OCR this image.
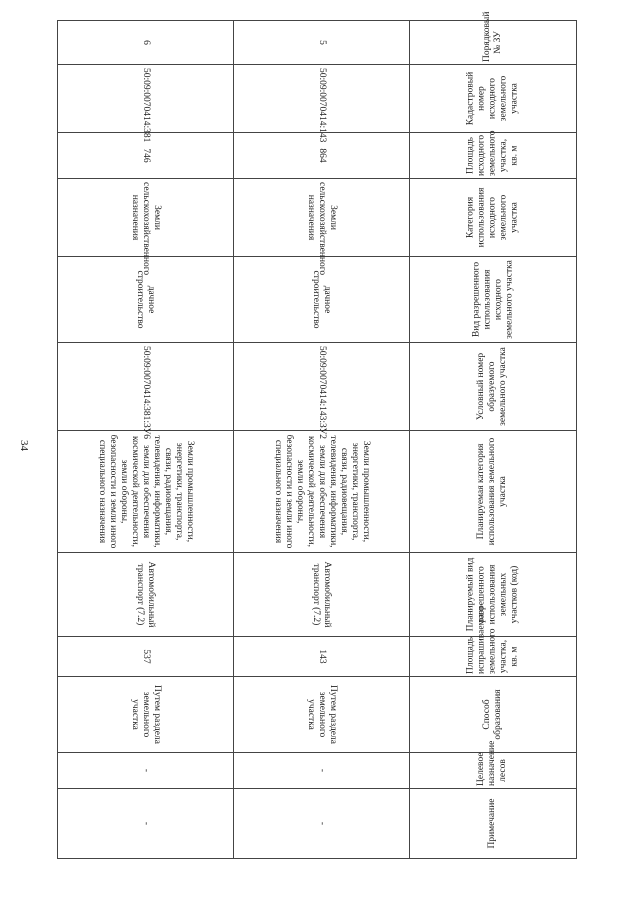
34
Порядковый № ЗУ	Кадастровый номер исходного земельного участка	Площадь исходного земельного участка, кв. м	Категория использования исходного земельного участка	Вид разрешенного использования исходного земельного участка	Условный номер образуемого земельного участка	Планируемая категория использования земельного участка	Планируемый вид разрешенного использования земельных участков (код)	Площадь испрашиваемого земельного участка, кв. м	Способ образования	Целевое назначение лесов	Примечание

5	50:09:0070414:143	864	Земли сельскохозяйственного назначения	дачное строительство	50:09:0070414:143:ЗУ2	Земли промышленности, энергетики, транспорта, связи, радиовещания, телевидения, информатики, земли для обеспечения космической деятельности, земли обороны, безопасности и земли иного специального назначения	Автомобильный транспорт (7.2)	143	Путем раздела земельного участка	-	-
6	50:09:0070414:381	746	Земли сельскохозяйственного назначения	дачное строительство	50:09:0070414:381:ЗУ6	Земли промышленности, энергетики, транспорта, связи, радиовещания, телевидения, информатики, земли для обеспечения космической деятельности, земли обороны, безопасности и земли иного специального назначения	Автомобильный транспорт (7.2)	537	Путем раздела земельного участка	-	-
